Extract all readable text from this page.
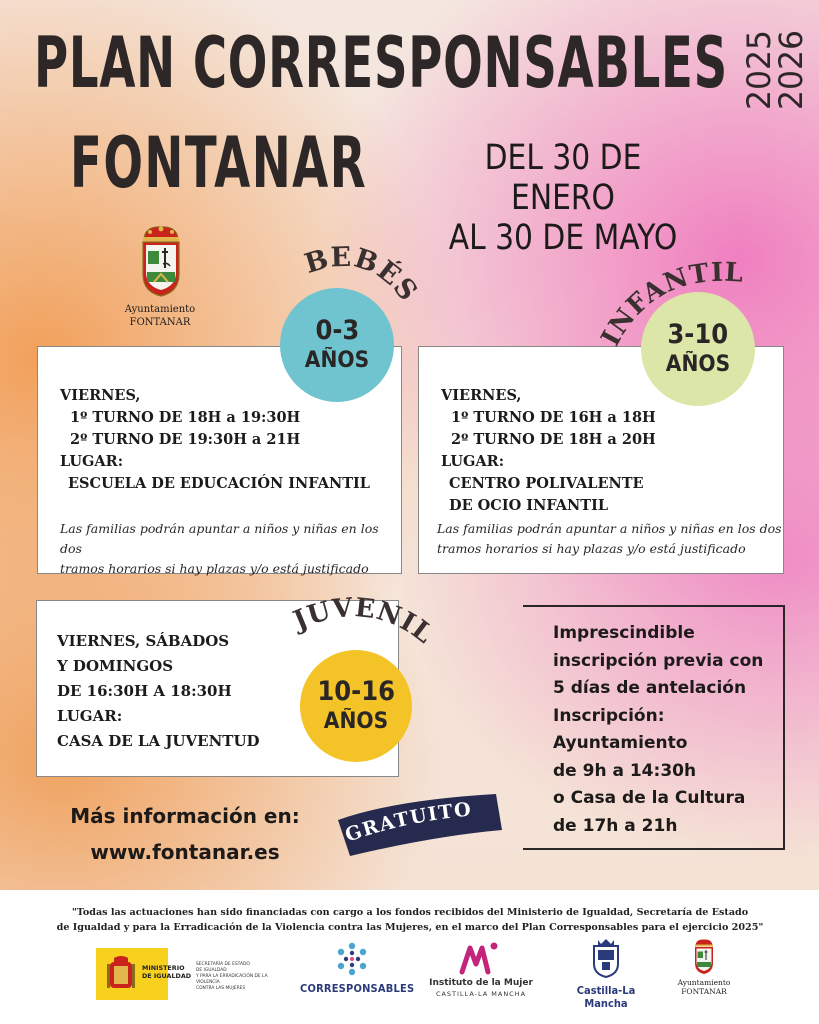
PLAN CORRESPONSABLES
FONTANAR
2025
2026
DEL 30 DE ENERO
AL 30 DE MAYO
Ayuntamiento
FONTANAR
VIERNES,
1º TURNO DE 18H a 19:30H
2º TURNO DE 19:30H a 21H
LUGAR:
ESCUELA DE EDUCACIÓN INFANTIL
Las familias podrán apuntar a niños y niñas en los dos
tramos horarios si hay plazas y/o está justificado
VIERNES,
1º TURNO DE 16H a 18H
2º TURNO DE 18H a 20H
LUGAR:
CENTRO POLIVALENTE
DE OCIO INFANTIL
Las familias podrán apuntar a niños y niñas en los dos
tramos horarios si hay plazas y/o está justificado
VIERNES, SÁBADOS
Y DOMINGOS
DE 16:30H A 18:30H
LUGAR:
CASA DE LA JUVENTUD
0-3
AÑOS
3-10
AÑOS
10-16
AÑOS
BEBÉS
INFANTIL
JUVENIL	Imprescindible
inscripción previa con
5 días de antelación
Inscripción:
Ayuntamiento
de 9h a 14:30h
o Casa de la Cultura
de 17h a 21h
Más información en:
www.fontanar.es
GRATUITO
"Todas las actuaciones han sido financiadas con cargo a los fondos recibidos del Ministerio de Igualdad, Secretaría de Estado
de Igualdad y para la Erradicación de la Violencia contra las Mujeres, en el marco del Plan Corresponsables para el ejercicio 2025"
MINISTERIO
DE IGUALDAD
SECRETARÍA DE ESTADO
DE IGUALDAD
Y PARA LA ERRADICACIÓN DE LA VIOLENCIA
CONTRA LAS MUJERES	CORRESPONSABLES Instituto de la Mujer
CASTILLA-LA MANCHA	Castilla-La Mancha
Ayuntamiento
FONTANAR
